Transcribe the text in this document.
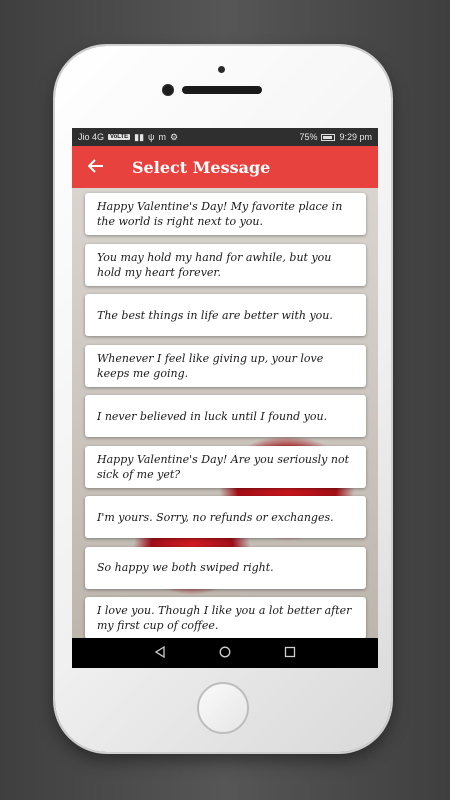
Jio 4G	VoLTE ▮▮ ψ m ⚙	75% 9:29 pm
Select Message
Happy Valentine's Day! My favorite place in the world is right next to you.
You may hold my hand for awhile, but you hold my heart forever.
The best things in life are better with you.
Whenever I feel like giving up, your love keeps me going.
I never believed in luck until I found you.
Happy Valentine's Day! Are you seriously not sick of me yet?
I'm yours. Sorry, no refunds or exchanges.
So happy we both swiped right.
I love you. Though I like you a lot better after my first cup of coffee.
